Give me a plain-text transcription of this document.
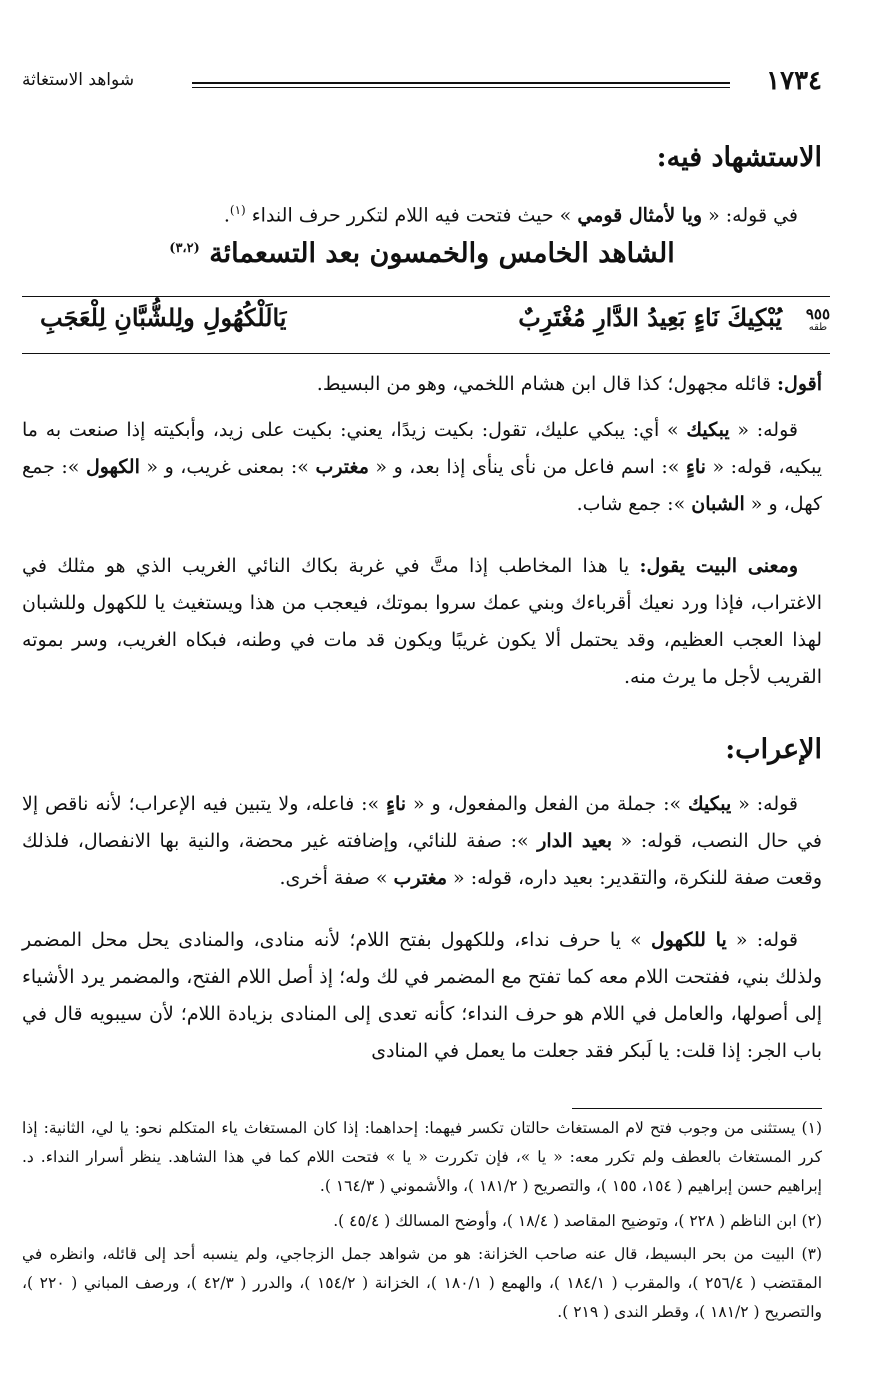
١٧٣٤
شواهد الاستغاثة
الاستشهاد فيه:
في قوله: « ويا لأمثال قومي » حيث فتحت فيه اللام لتكرر حرف النداء $^{(١)}$.
الشاهد الخامس والخمسون بعد التسعمائة $^{(٣،٢)}$
٩٥٥
طقه
يُبْكِيكَ نَاءٍ بَعِيدُ الدَّارِ مُغْتَرِبٌ
يَالَلْكُهُولِ ولِلشُّبَّانِ لِلْعَجَبِ
أقول: قائله مجهول؛ كذا قال ابن هشام اللخمي، وهو من البسيط.
قوله: « يبكيك » أي: يبكي عليك، تقول: بكيت زيدًا، يعني: بكيت على زيد، وأبكيته إذا صنعت به ما يبكيه، قوله: « ناءٍ »: اسم فاعل من نأى ينأى إذا بعد، و « مغترب »: بمعنى غريب، و « الكهول »: جمع كهل، و « الشبان »: جمع شاب.
ومعنى البيت يقول: يا هذا المخاطب إذا متَّ في غربة بكاك النائي الغريب الذي هو مثلك في الاغتراب، فإذا ورد نعيك أقرباءك وبني عمك سروا بموتك، فيعجب من هذا ويستغيث يا للكهول وللشبان لهذا العجب العظيم، وقد يحتمل ألا يكون غريبًا ويكون قد مات في وطنه، فبكاه الغريب، وسر بموته القريب لأجل ما يرث منه.
الإعراب:
قوله: « يبكيك »: جملة من الفعل والمفعول، و « ناءٍ »: فاعله، ولا يتبين فيه الإعراب؛ لأنه ناقص إلا في حال النصب، قوله: « بعيد الدار »: صفة للنائي، وإضافته غير محضة، والنية بها الانفصال، فلذلك وقعت صفة للنكرة، والتقدير: بعيد داره، قوله: « مغترب » صفة أخرى.
قوله: « يا للكهول » يا حرف نداء، وللكهول بفتح اللام؛ لأنه منادى، والمنادى يحل محل المضمر ولذلك بني، ففتحت اللام معه كما تفتح مع المضمر في لك وله؛ إذ أصل اللام الفتح، والمضمر يرد الأشياء إلى أصولها، والعامل في اللام هو حرف النداء؛ كأنه تعدى إلى المنادى بزيادة اللام؛ لأن سيبويه قال في باب الجر: إذا قلت: يا لَبكر فقد جعلت ما يعمل في المنادى
(١) يستثنى من وجوب فتح لام المستغاث حالتان تكسر فيهما: إحداهما: إذا كان المستغاث ياء المتكلم نحو: يا لي، الثانية: إذا كرر المستغاث بالعطف ولم تكرر معه: « يا »، فإن تكررت « يا » فتحت اللام كما في هذا الشاهد. ينظر أسرار النداء. د. إبراهيم حسن إبراهيم ( ١٥٤، ١٥٥ )، والتصريح ( ١٨١/٢ )، والأشموني ( ١٦٤/٣ ).
(٢) ابن الناظم ( ٢٢٨ )، وتوضيح المقاصد ( ١٨/٤ )، وأوضح المسالك ( ٤٥/٤ ).
(٣) البيت من بحر البسيط، قال عنه صاحب الخزانة: هو من شواهد جمل الزجاجي، ولم ينسبه أحد إلى قائله، وانظره في المقتضب ( ٢٥٦/٤ )، والمقرب ( ١٨٤/١ )، والهمع ( ١٨٠/١ )، الخزانة ( ١٥٤/٢ )، والدرر ( ٤٢/٣ )، ورصف المباني ( ٢٢٠ )، والتصريح ( ١٨١/٢ )، وقطر الندى ( ٢١٩ ).
